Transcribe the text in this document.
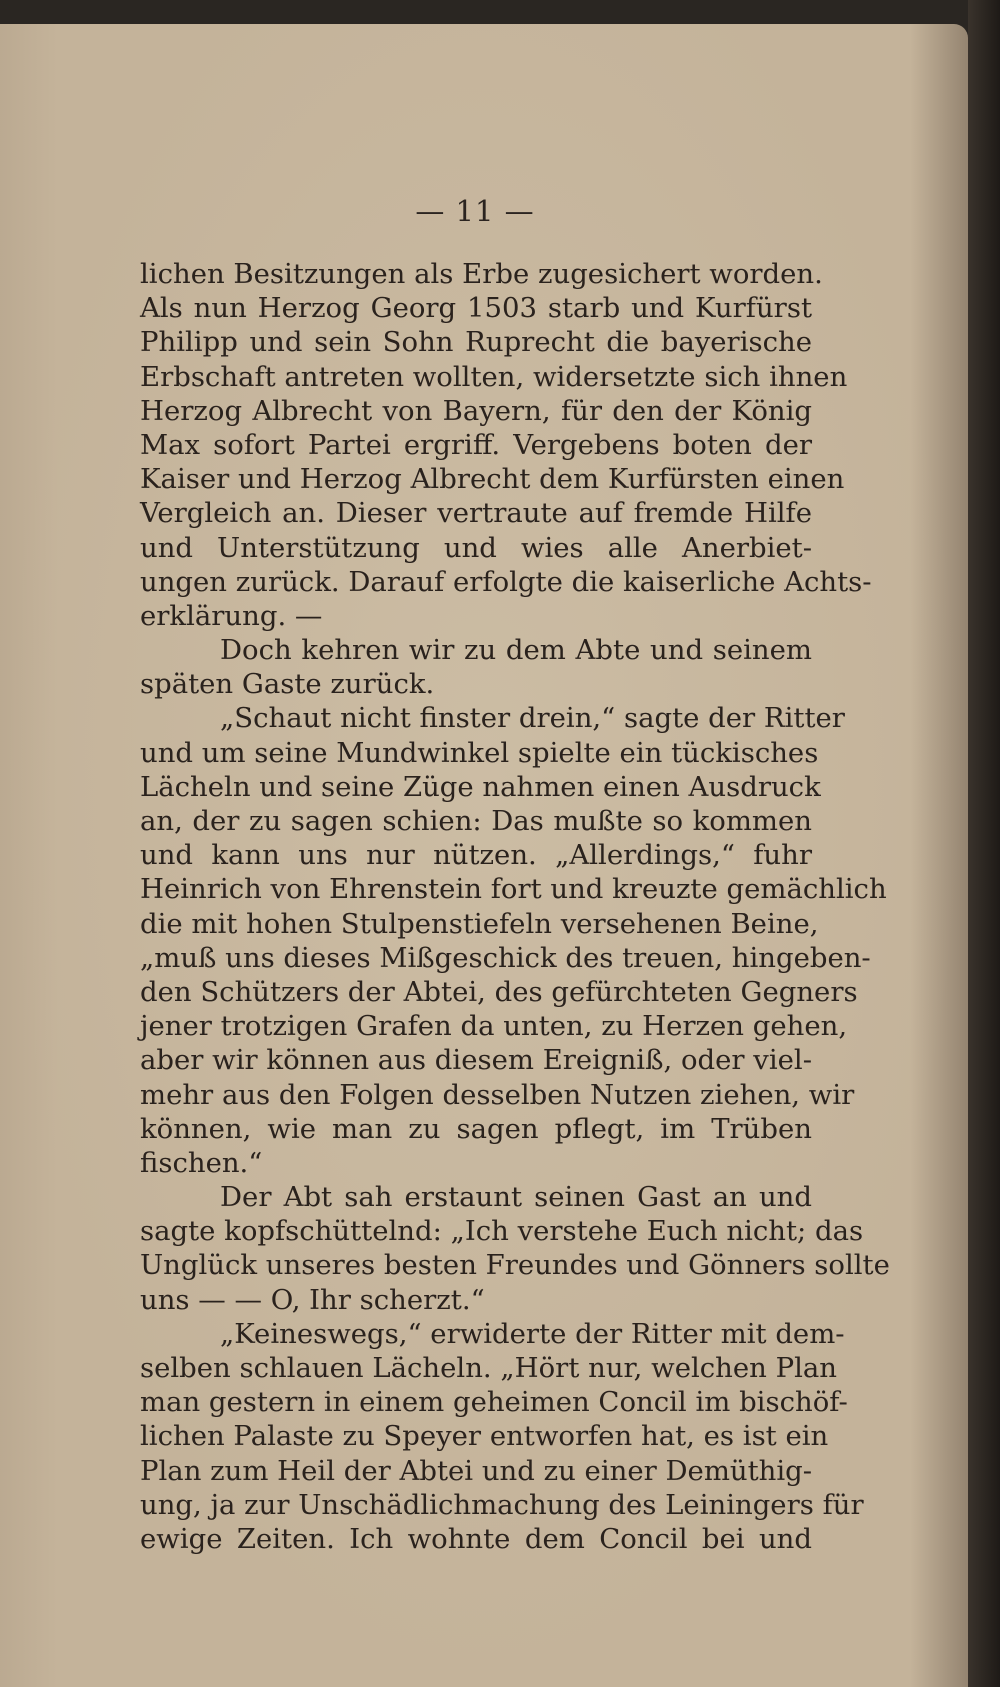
— 11 —
lichen Besitzungen als Erbe zugesichert worden.
Als nun Herzog Georg 1503 starb und Kurfürst
Philipp und sein Sohn Ruprecht die bayerische
Erbschaft antreten wollten, widersetzte sich ihnen
Herzog Albrecht von Bayern, für den der König
Max sofort Partei ergriff. Vergebens boten der
Kaiser und Herzog Albrecht dem Kurfürsten einen
Vergleich an. Dieser vertraute auf fremde Hilfe
und Unterstützung und wies alle Anerbiet-
ungen zurück. Darauf erfolgte die kaiserliche Achts-
erklärung. —
Doch kehren wir zu dem Abte und seinem
späten Gaste zurück.
„Schaut nicht finster drein,“ sagte der Ritter
und um seine Mundwinkel spielte ein tückisches
Lächeln und seine Züge nahmen einen Ausdruck
an, der zu sagen schien: Das mußte so kommen
und kann uns nur nützen. „Allerdings,“ fuhr
Heinrich von Ehrenstein fort und kreuzte gemächlich
die mit hohen Stulpenstiefeln versehenen Beine,
„muß uns dieses Mißgeschick des treuen, hingeben-
den Schützers der Abtei, des gefürchteten Gegners
jener trotzigen Grafen da unten, zu Herzen gehen,
aber wir können aus diesem Ereigniß, oder viel-
mehr aus den Folgen desselben Nutzen ziehen, wir
können, wie man zu sagen pflegt, im Trüben
fischen.“
Der Abt sah erstaunt seinen Gast an und
sagte kopfschüttelnd: „Ich verstehe Euch nicht; das
Unglück unseres besten Freundes und Gönners sollte
uns — — O, Ihr scherzt.“
„Keineswegs,“ erwiderte der Ritter mit dem-
selben schlauen Lächeln. „Hört nur, welchen Plan
man gestern in einem geheimen Concil im bischöf-
lichen Palaste zu Speyer entworfen hat, es ist ein
Plan zum Heil der Abtei und zu einer Demüthig-
ung, ja zur Unschädlichmachung des Leiningers für
ewige Zeiten. Ich wohnte dem Concil bei und
